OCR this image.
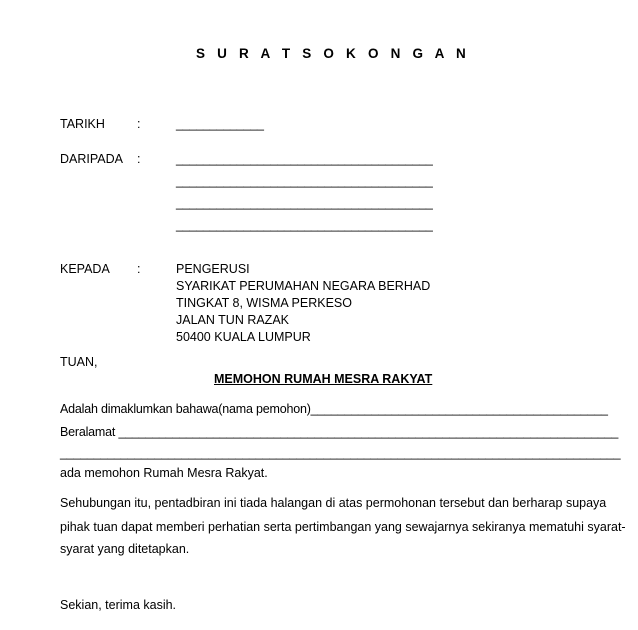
S U R A T S O K O N G A N
TARIKH	:	_____________
DARIPADA :	______________________________________
______________________________________
______________________________________
______________________________________
KEPADA :	PENGERUSI
SYARIKAT PERUMAHAN NEGARA BERHAD
TINGKAT 8, WISMA PERKESO
JALAN TUN RAZAK
50400 KUALA LUMPUR
TUAN,
MEMOHON RUMAH MESRA RAKYAT
Adalah dimaklumkan bahawa(nama pemohon)____________________________________________
Beralamat __________________________________________________________________________
___________________________________________________________________________________
ada memohon Rumah Mesra Rakyat.
Sehubungan itu, pentadbiran ini tiada halangan di atas permohonan tersebut dan berharap supaya
pihak tuan dapat memberi perhatian serta pertimbangan yang sewajarnya sekiranya mematuhi syarat-
syarat yang ditetapkan.
Sekian, terima kasih.
